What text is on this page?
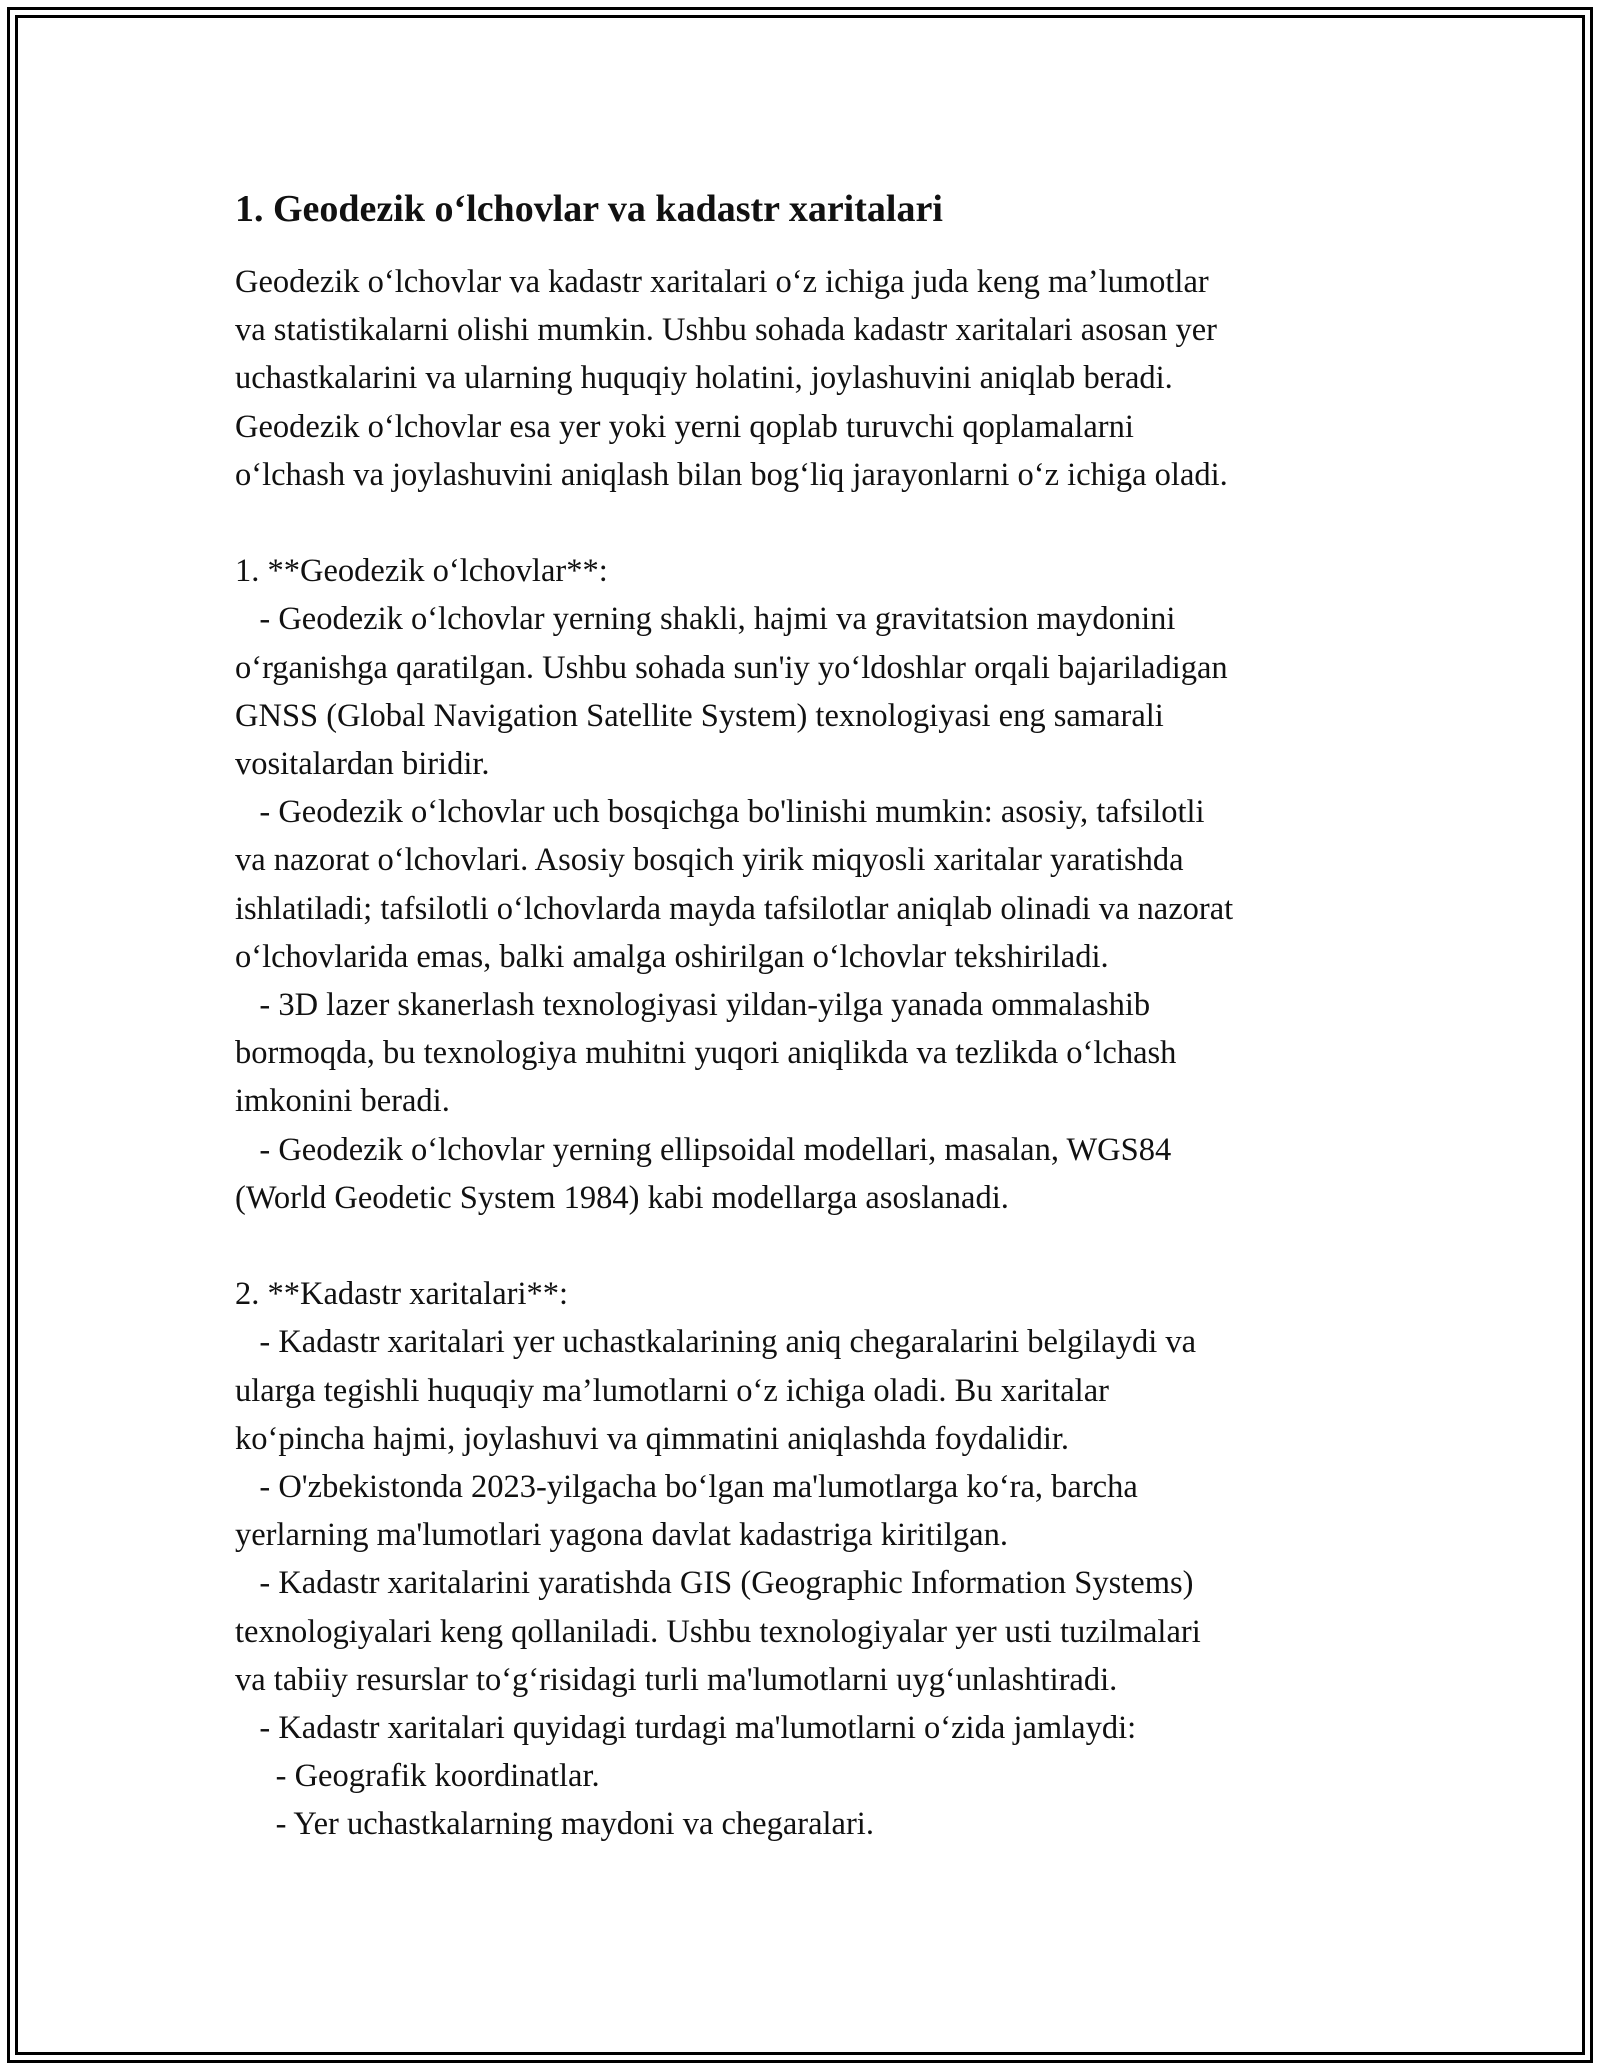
1. Geodezik o‘lchovlar va kadastr xaritalari
Geodezik o‘lchovlar va kadastr xaritalari o‘z ichiga juda keng ma’lumotlar
va statistikalarni olishi mumkin. Ushbu sohada kadastr xaritalari asosan yer
uchastkalarini va ularning huquqiy holatini, joylashuvini aniqlab beradi.
Geodezik o‘lchovlar esa yer yoki yerni qoplab turuvchi qoplamalarni
o‘lchash va joylashuvini aniqlash bilan bog‘liq jarayonlarni o‘z ichiga oladi.
1. **Geodezik o‘lchovlar**:
- Geodezik o‘lchovlar yerning shakli, hajmi va gravitatsion maydonini
o‘rganishga qaratilgan. Ushbu sohada sun'iy yo‘ldoshlar orqali bajariladigan
GNSS (Global Navigation Satellite System) texnologiyasi eng samarali
vositalardan biridir.
- Geodezik o‘lchovlar uch bosqichga bo'linishi mumkin: asosiy, tafsilotli
va nazorat o‘lchovlari. Asosiy bosqich yirik miqyosli xaritalar yaratishda
ishlatiladi; tafsilotli o‘lchovlarda mayda tafsilotlar aniqlab olinadi va nazorat
o‘lchovlarida emas, balki amalga oshirilgan o‘lchovlar tekshiriladi.
- 3D lazer skanerlash texnologiyasi yildan-yilga yanada ommalashib
bormoqda, bu texnologiya muhitni yuqori aniqlikda va tezlikda o‘lchash
imkonini beradi.
- Geodezik o‘lchovlar yerning ellipsoidal modellari, masalan, WGS84
(World Geodetic System 1984) kabi modellarga asoslanadi.
2. **Kadastr xaritalari**:
- Kadastr xaritalari yer uchastkalarining aniq chegaralarini belgilaydi va
ularga tegishli huquqiy ma’lumotlarni o‘z ichiga oladi. Bu xaritalar
ko‘pincha hajmi, joylashuvi va qimmatini aniqlashda foydalidir.
- O'zbekistonda 2023-yilgacha bo‘lgan ma'lumotlarga ko‘ra, barcha
yerlarning ma'lumotlari yagona davlat kadastriga kiritilgan.
- Kadastr xaritalarini yaratishda GIS (Geographic Information Systems)
texnologiyalari keng qollaniladi. Ushbu texnologiyalar yer usti tuzilmalari
va tabiiy resurslar to‘g‘risidagi turli ma'lumotlarni uyg‘unlashtiradi.
- Kadastr xaritalari quyidagi turdagi ma'lumotlarni o‘zida jamlaydi:
- Geografik koordinatlar.
- Yer uchastkalarning maydoni va chegaralari.
